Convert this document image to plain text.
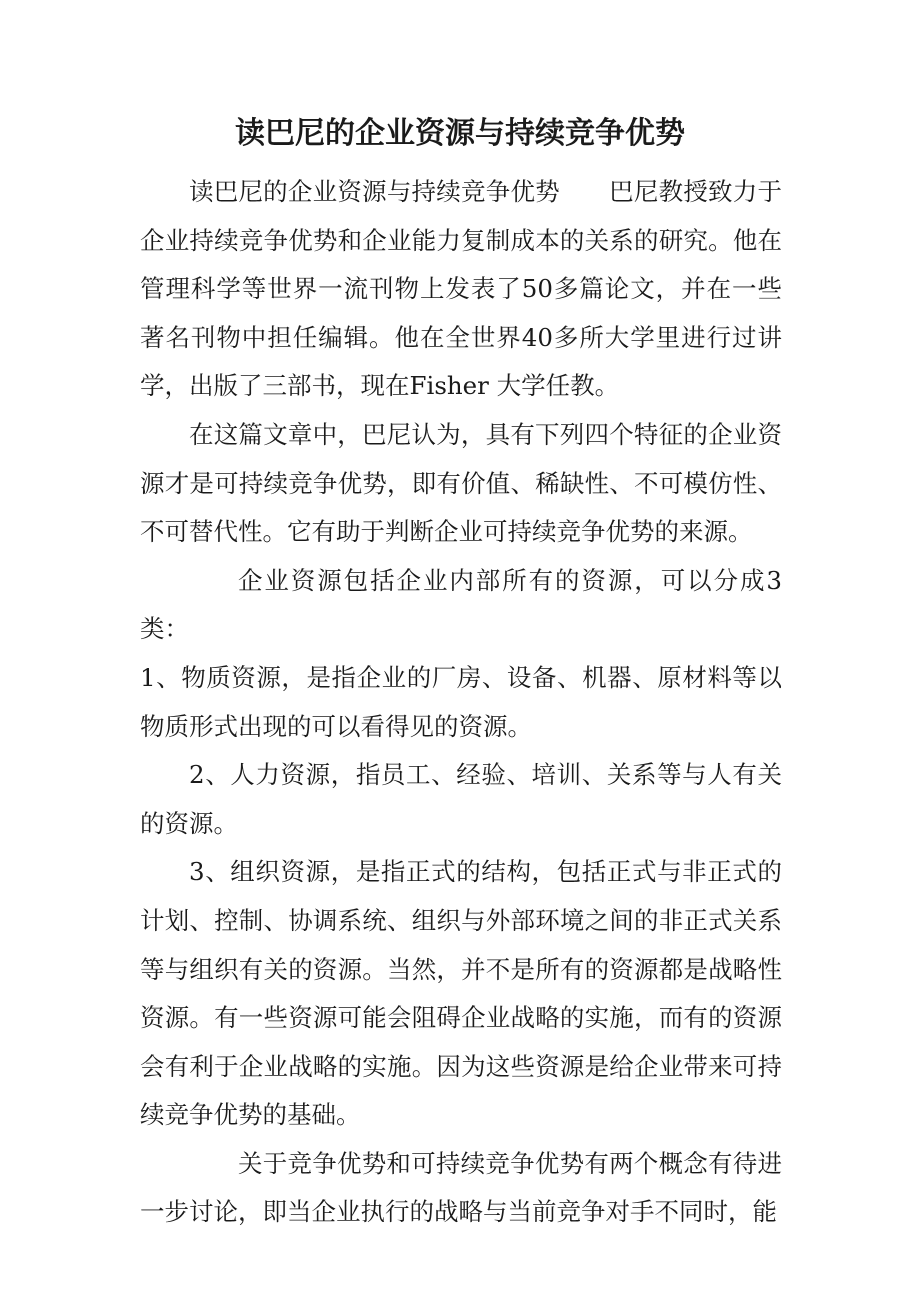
读巴尼的企业资源与持续竞争优势

读巴尼的企业资源与持续竞争优势 巴尼教授致力于企业持续竞争优势和企业能力复制成本的关系的研究。他在管理科学等世界一流刊物上发表了50多篇论文，并在一些著名刊物中担任编辑。他在全世界40多所大学里进行过讲学，出版了三部书，现在Fisher 大学任教。

在这篇文章中，巴尼认为，具有下列四个特征的企业资源才是可持续竞争优势，即有价值、稀缺性、不可模仿性、不可替代性。它有助于判断企业可持续竞争优势的来源。

企业资源包括企业内部所有的资源，可以分成3类：

1、物质资源，是指企业的厂房、设备、机器、原材料等以物质形式出现的可以看得见的资源。

2、人力资源，指员工、经验、培训、关系等与人有关的资源。

3、组织资源，是指正式的结构，包括正式与非正式的计划、控制、协调系统、组织与外部环境之间的非正式关系等与组织有关的资源。当然，并不是所有的资源都是战略性资源。有一些资源可能会阻碍企业战略的实施，而有的资源会有利于企业战略的实施。因为这些资源是给企业带来可持续竞争优势的基础。

关于竞争优势和可持续竞争优势有两个概念有待进一步讨论，即当企业执行的战略与当前竞争对手不同时，能
